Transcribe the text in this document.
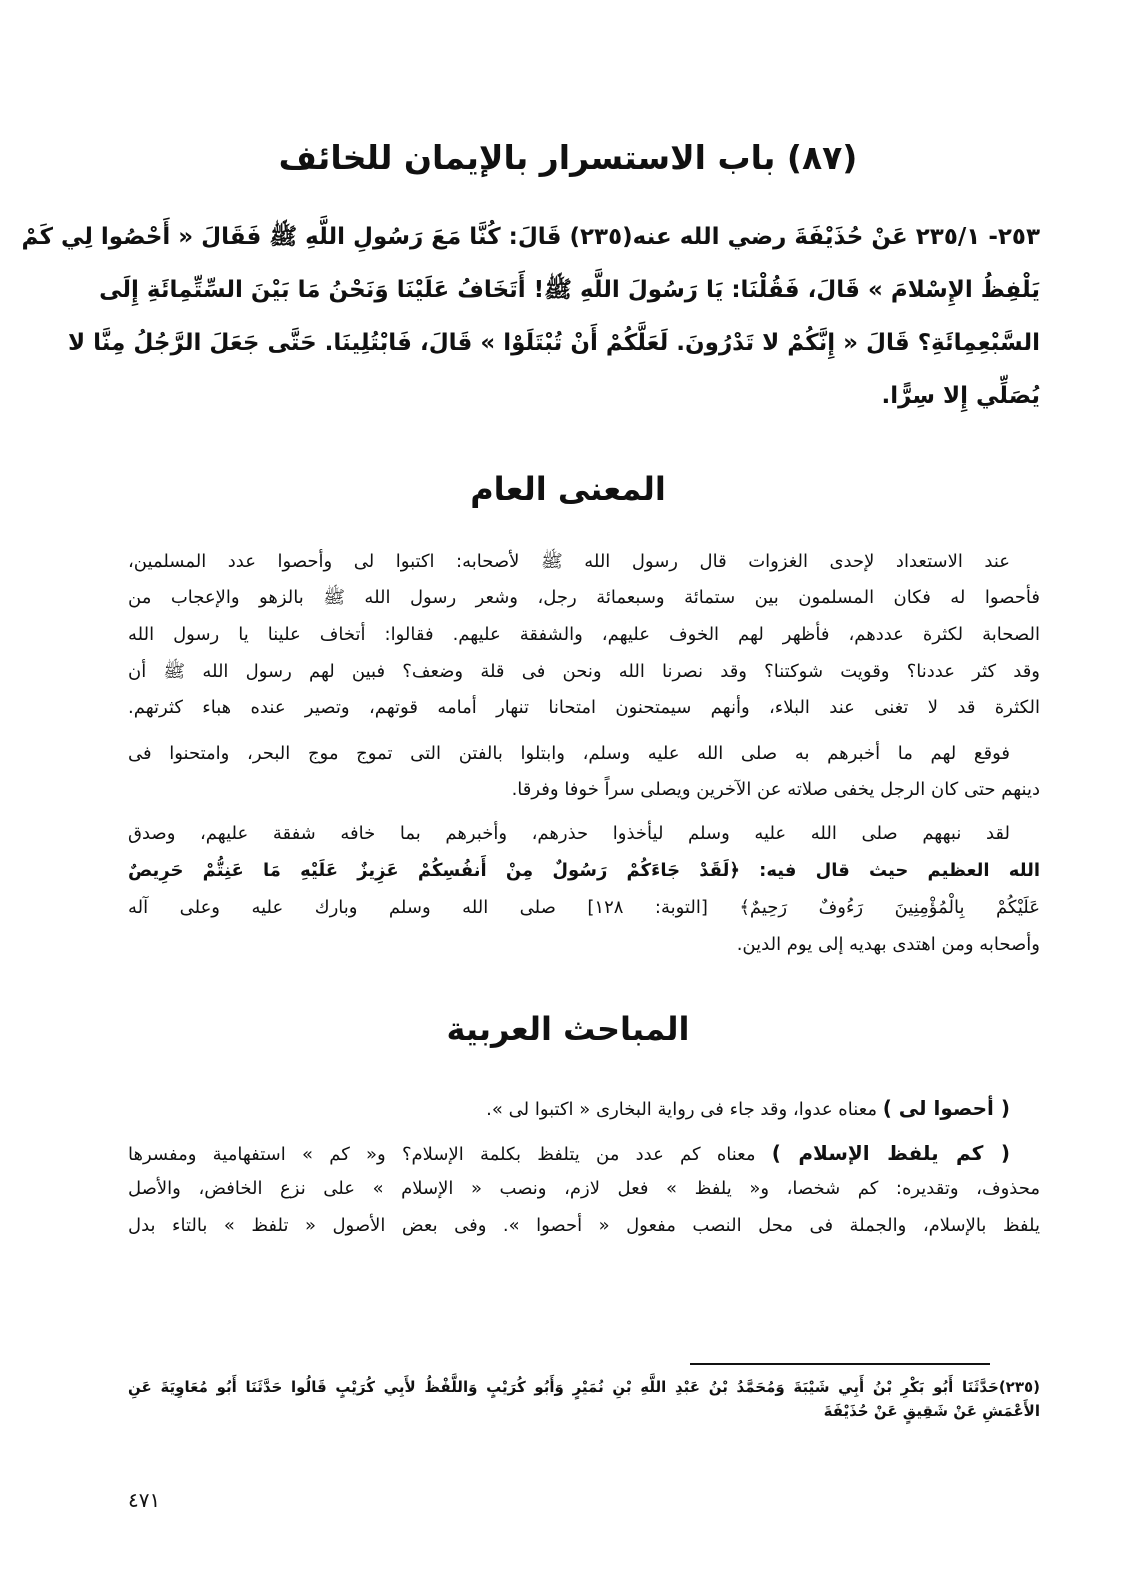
(٨٧) باب الاستسرار بالإيمان للخائف
٢٥٣- ٢٣٥/١ عَنْ حُذَيْفَةَ رضي الله عنه(٢٣٥) قَالَ: كُنَّا مَعَ رَسُولِ اللَّهِ ﷺ فَقَالَ « أَحْصُوا لِي كَمْ
يَلْفِظُ الإِسْلامَ » قَالَ، فَقُلْنَا: يَا رَسُولَ اللَّهِ ﷺ! أَتَخَافُ عَلَيْنَا وَنَحْنُ مَا بَيْنَ السِّتِّمِائَةِ إِلَى
السَّبْعِمِائَةِ؟ قَالَ « إِنَّكُمْ لا تَدْرُونَ. لَعَلَّكُمْ أَنْ تُبْتَلَوْا » قَالَ، فَابْتُلِينَا. حَتَّى جَعَلَ الرَّجُلُ مِنَّا لا
يُصَلِّي إِلا سِرًّا.
المعنى العام
عند الاستعداد لإحدى الغزوات قال رسول الله ﷺ لأصحابه: اكتبوا لى وأحصوا عدد المسلمين،
فأحصوا له فكان المسلمون بين ستمائة وسبعمائة رجل، وشعر رسول الله ﷺ بالزهو والإعجاب من
الصحابة لكثرة عددهم، فأظهر لهم الخوف عليهم، والشفقة عليهم. فقالوا: أتخاف علينا يا رسول الله
وقد كثر عددنا؟ وقويت شوكتنا؟ وقد نصرنا الله ونحن فى قلة وضعف؟ فبين لهم رسول الله ﷺ أن
الكثرة قد لا تغنى عند البلاء، وأنهم سيمتحنون امتحانا تنهار أمامه قوتهم، وتصير عنده هباء كثرتهم.
فوقع لهم ما أخبرهم به صلى الله عليه وسلم، وابتلوا بالفتن التى تموج موج البحر، وامتحنوا فى
دينهم حتى كان الرجل يخفى صلاته عن الآخرين ويصلى سراً خوفا وفرقا.
لقد نبههم صلى الله عليه وسلم ليأخذوا حذرهم، وأخبرهم بما خافه شفقة عليهم، وصدق
الله العظيم حيث قال فيه: ﴿لَقَدْ جَاءَكُمْ رَسُولٌ مِنْ أَنفُسِكُمْ عَزِيزٌ عَلَيْهِ مَا عَنِتُّمْ حَرِيصٌ
عَلَيْكُمْ بِالْمُؤْمِنِينَ رَءُوفٌ رَحِيمٌ﴾ [التوبة: ١٢٨] صلى الله وسلم وبارك عليه وعلى آله
وأصحابه ومن اهتدى بهديه إلى يوم الدين.
المباحث العربية
( أحصوا لى ) معناه عدوا، وقد جاء فى رواية البخارى « اكتبوا لى ».
( كم يلفظ الإسلام ) معناه كم عدد من يتلفظ بكلمة الإسلام؟ و« كم » استفهامية ومفسرها
محذوف، وتقديره: كم شخصا، و« يلفظ » فعل لازم، ونصب « الإسلام » على نزع الخافض، والأصل
يلفظ بالإسلام، والجملة فى محل النصب مفعول « أحصوا ». وفى بعض الأصول « تلفظ » بالتاء بدل
(٢٣٥)حَدَّثَنَا أَبُو بَكْرِ بْنُ أَبِي شَيْبَةَ وَمُحَمَّدُ بْنُ عَبْدِ اللَّهِ بْنِ نُمَيْرٍ وَأَبُو كُرَيْبٍ وَاللَّفْظُ لأَبِي كُرَيْبٍ قَالُوا حَدَّثَنَا أَبُو مُعَاوِيَةَ عَنِ
الأَعْمَشِ عَنْ شَقِيقٍ عَنْ حُذَيْفَةَ
٤٧١
